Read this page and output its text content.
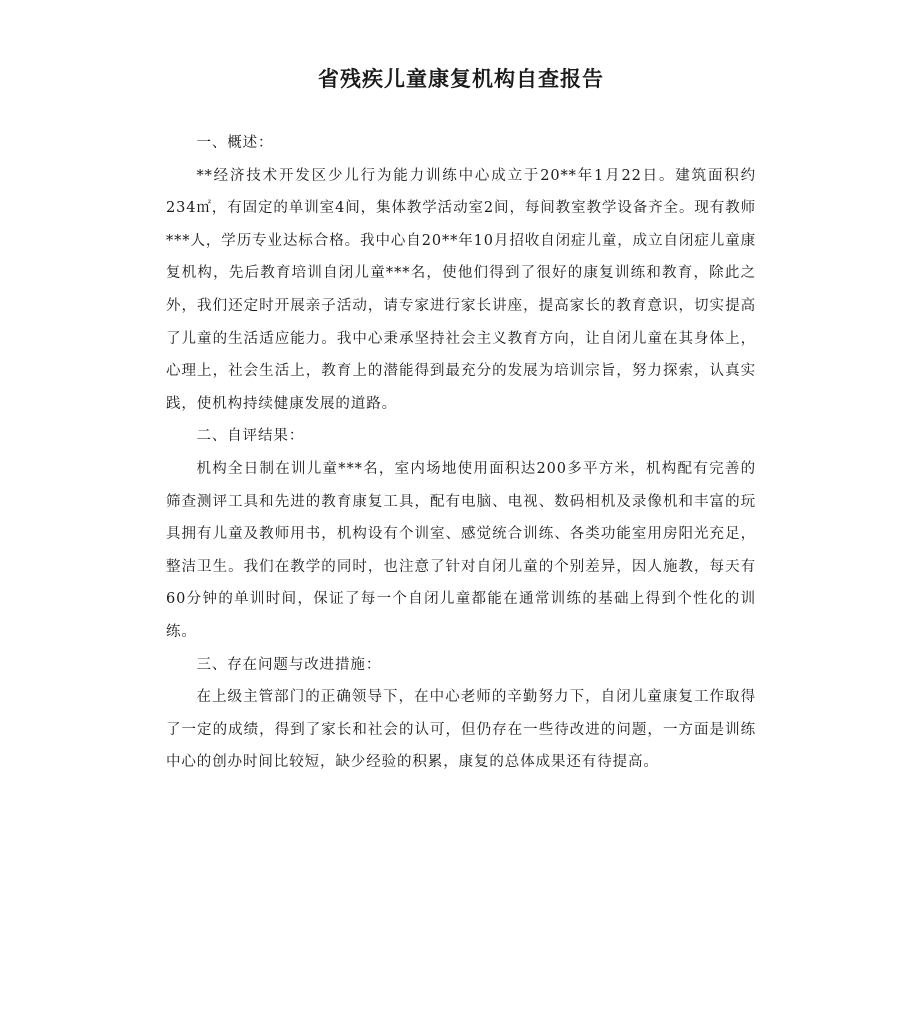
省残疾儿童康复机构自查报告

一、概述：

**经济技术开发区少儿行为能力训练中心成立于20**年1月22日。建筑面积约234㎡，有固定的单训室4间，集体教学活动室2间，每间教室教学设备齐全。现有教师***人，学历专业达标合格。我中心自20**年10月招收自闭症儿童，成立自闭症儿童康复机构，先后教育培训自闭儿童***名，使他们得到了很好的康复训练和教育，除此之外，我们还定时开展亲子活动，请专家进行家长讲座，提高家长的教育意识，切实提高了儿童的生活适应能力。我中心秉承坚持社会主义教育方向，让自闭儿童在其身体上，心理上，社会生活上，教育上的潜能得到最充分的发展为培训宗旨，努力探索，认真实践，使机构持续健康发展的道路。

二、自评结果：

机构全日制在训儿童***名，室内场地使用面积达200多平方米，机构配有完善的筛查测评工具和先进的教育康复工具，配有电脑、电视、数码相机及录像机和丰富的玩具拥有儿童及教师用书，机构设有个训室、感觉统合训练、各类功能室用房阳光充足，整洁卫生。我们在教学的同时，也注意了针对自闭儿童的个别差异，因人施教，每天有60分钟的单训时间，保证了每一个自闭儿童都能在通常训练的基础上得到个性化的训练。

三、存在问题与改进措施：

在上级主管部门的正确领导下，在中心老师的辛勤努力下，自闭儿童康复工作取得了一定的成绩，得到了家长和社会的认可，但仍存在一些待改进的问题，一方面是训练中心的创办时间比较短，缺少经验的积累，康复的总体成果还有待提高。
